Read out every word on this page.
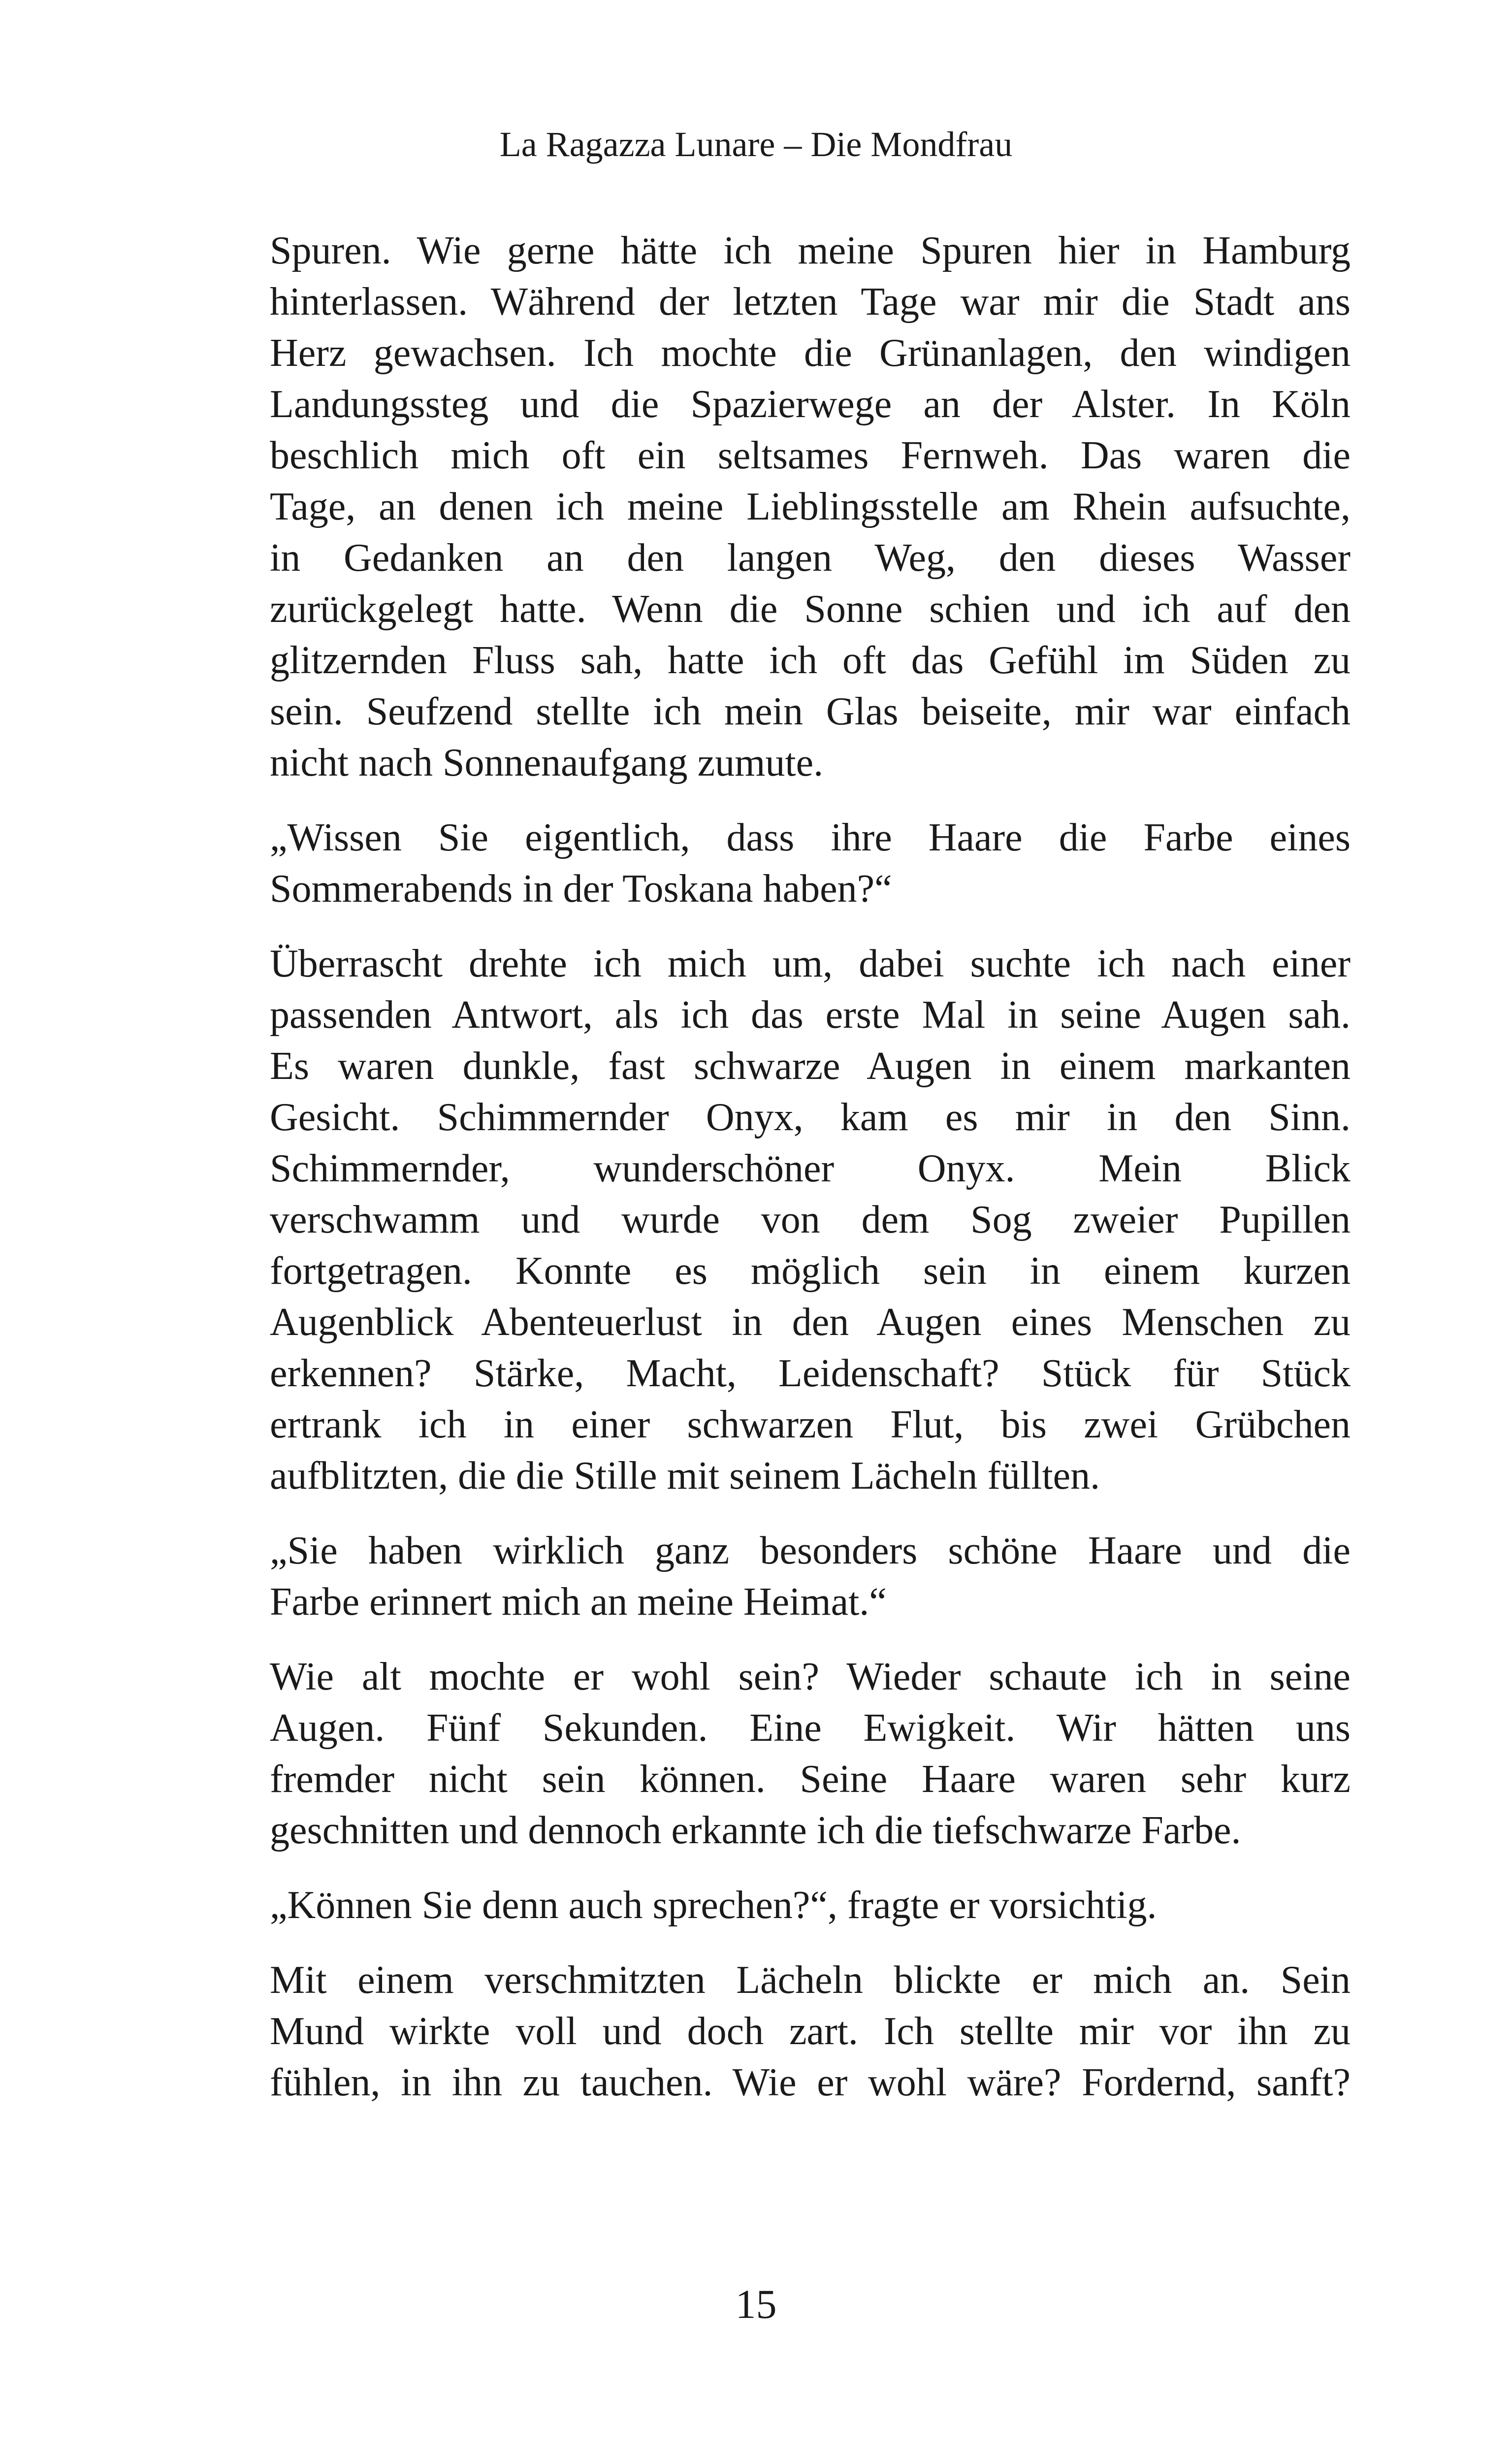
La Ragazza Lunare – Die Mondfrau

Spuren. Wie gerne hätte ich meine Spuren hier in Hamburg
hinterlassen. Während der letzten Tage war mir die Stadt ans
Herz gewachsen. Ich mochte die Grünanlagen, den windigen
Landungssteg und die Spazierwege an der Alster. In Köln
beschlich mich oft ein seltsames Fernweh. Das waren die
Tage, an denen ich meine Lieblingsstelle am Rhein aufsuchte,
in Gedanken an den langen Weg, den dieses Wasser
zurückgelegt hatte. Wenn die Sonne schien und ich auf den
glitzernden Fluss sah, hatte ich oft das Gefühl im Süden zu
sein. Seufzend stellte ich mein Glas beiseite, mir war einfach
nicht nach Sonnenaufgang zumute.

„Wissen Sie eigentlich, dass ihre Haare die Farbe eines
Sommerabends in der Toskana haben?“

Überrascht drehte ich mich um, dabei suchte ich nach einer
passenden Antwort, als ich das erste Mal in seine Augen sah.
Es waren dunkle, fast schwarze Augen in einem markanten
Gesicht. Schimmernder Onyx, kam es mir in den Sinn.
Schimmernder, wunderschöner Onyx. Mein Blick
verschwamm und wurde von dem Sog zweier Pupillen
fortgetragen. Konnte es möglich sein in einem kurzen
Augenblick Abenteuerlust in den Augen eines Menschen zu
erkennen? Stärke, Macht, Leidenschaft? Stück für Stück
ertrank ich in einer schwarzen Flut, bis zwei Grübchen
aufblitzten, die die Stille mit seinem Lächeln füllten.

„Sie haben wirklich ganz besonders schöne Haare und die
Farbe erinnert mich an meine Heimat.“

Wie alt mochte er wohl sein? Wieder schaute ich in seine
Augen. Fünf Sekunden. Eine Ewigkeit. Wir hätten uns
fremder nicht sein können. Seine Haare waren sehr kurz
geschnitten und dennoch erkannte ich die tiefschwarze Farbe.

„Können Sie denn auch sprechen?“, fragte er vorsichtig.

Mit einem verschmitzten Lächeln blickte er mich an. Sein
Mund wirkte voll und doch zart. Ich stellte mir vor ihn zu
fühlen, in ihn zu tauchen. Wie er wohl wäre? Fordernd, sanft?

15
